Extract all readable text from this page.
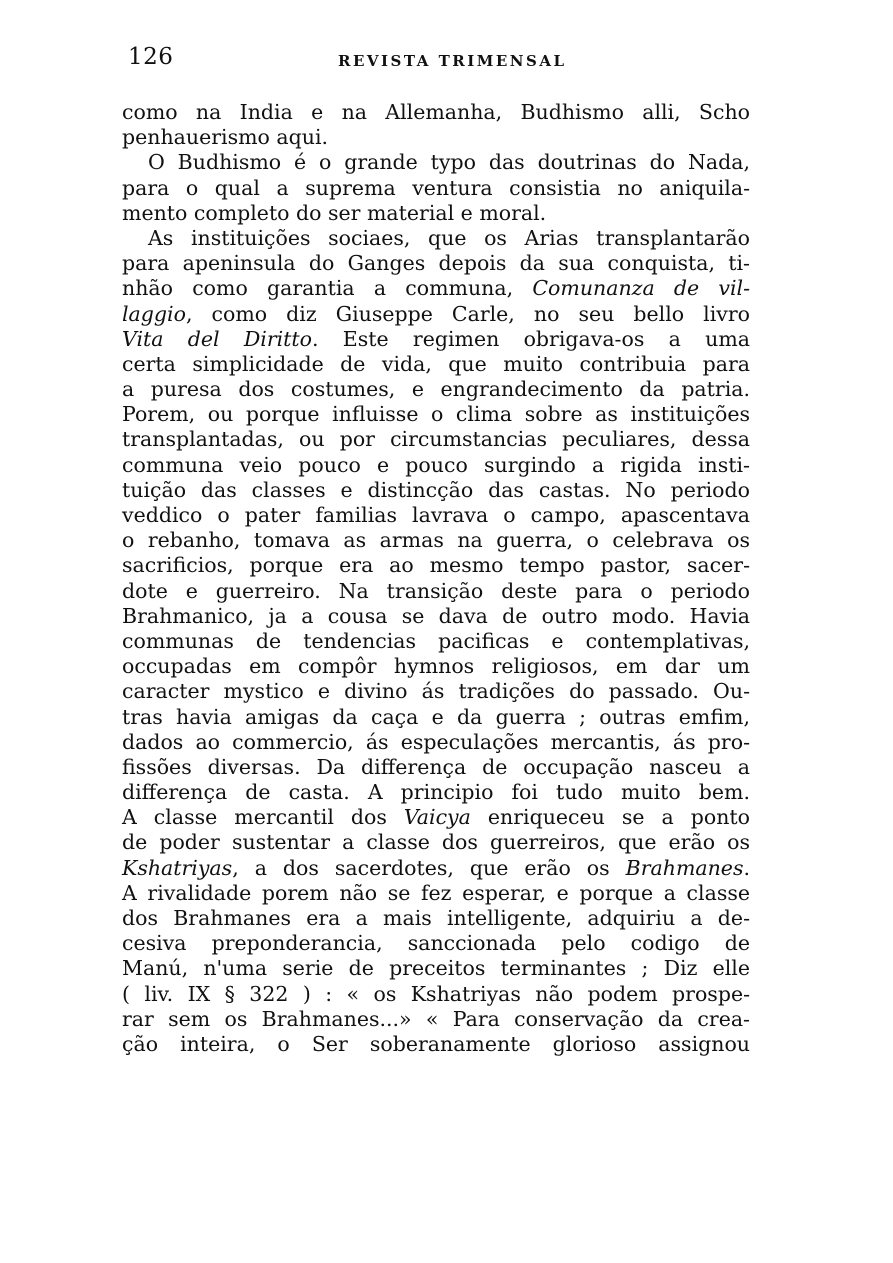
126	REVISTA TRIMENSAL
como na India e na Allemanha, Budhismo alli, Scho
penhauerismo aqui.
O Budhismo é o grande typo das doutrinas do Nada,
para o qual a suprema ventura consistia no aniquila-
mento completo do ser material e moral.
As instituições sociaes, que os Arias transplantarão
para apeninsula do Ganges depois da sua conquista, ti-
nhão como garantia a communa, Comunanza de vil-
laggio, como diz Giuseppe Carle, no seu bello livro
Vita del Diritto. Este regimen obrigava-os a uma
certa simplicidade de vida, que muito contribuia para
a puresa dos costumes, e engrandecimento da patria.
Porem, ou porque influisse o clima sobre as instituições
transplantadas, ou por circumstancias peculiares, dessa
communa veio pouco e pouco surgindo a rigida insti-
tuição das classes e distincção das castas. No periodo
veddico o pater familias lavrava o campo, apascentava
o rebanho, tomava as armas na guerra, o celebrava os
sacrificios, porque era ao mesmo tempo pastor, sacer-
dote e guerreiro. Na transição deste para o periodo
Brahmanico, ja a cousa se dava de outro modo. Havia
communas de tendencias pacificas e contemplativas,
occupadas em compôr hymnos religiosos, em dar um
caracter mystico e divino ás tradições do passado. Ou-
tras havia amigas da caça e da guerra ; outras emfim,
dados ao commercio, ás especulações mercantis, ás pro-
fissões diversas. Da differença de occupação nasceu a
differença de casta. A principio foi tudo muito bem.
A classe mercantil dos Vaicya enriqueceu se a ponto
de poder sustentar a classe dos guerreiros, que erão os
Kshatriyas, a dos sacerdotes, que erão os Brahmanes.
A rivalidade porem não se fez esperar, e porque a classe
dos Brahmanes era a mais intelligente, adquiriu a de-
cesiva preponderancia, sanccionada pelo codigo de
Manú, n'uma serie de preceitos terminantes ; Diz elle
( liv. IX § 322 ) : « os Kshatriyas não podem prospe-
rar sem os Brahmanes...» « Para conservação da crea-
ção inteira, o Ser soberanamente glorioso assignou
